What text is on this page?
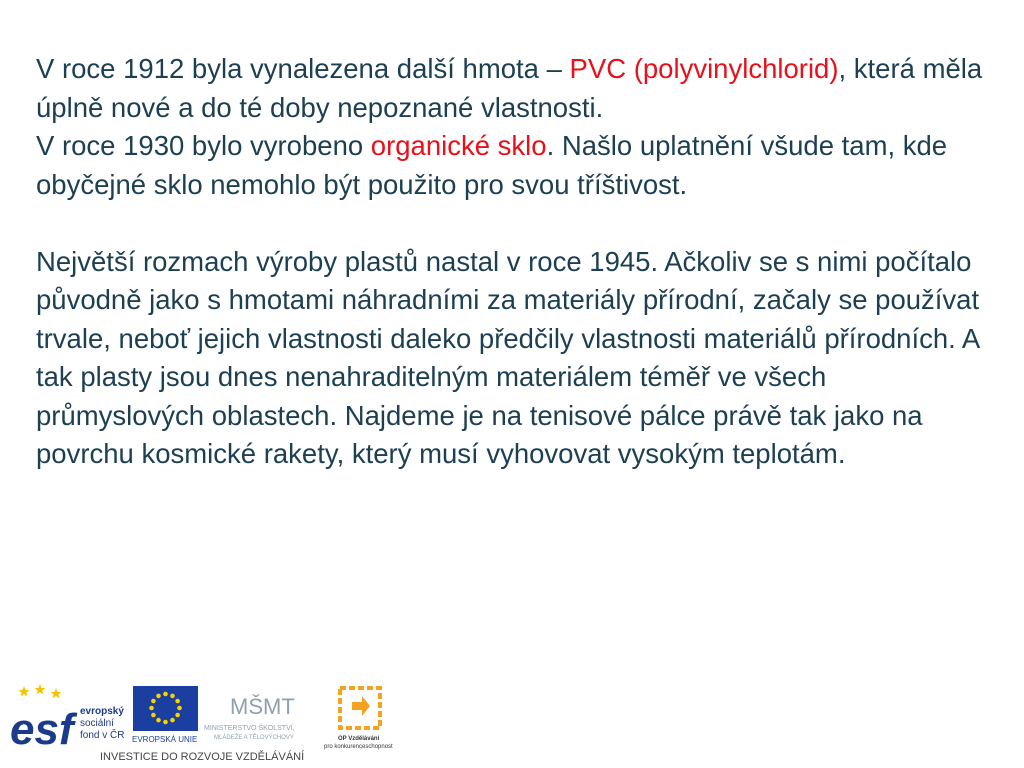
V roce 1912 byla vynalezena další hmota – PVC (polyvinylchlorid), která měla úplně nové a do té doby nepoznané vlastnosti.

V roce 1930 bylo vyrobeno organické sklo. Našlo uplatnění všude tam, kde obyčejné sklo nemohlo být použito pro svou tříštivost.

Největší rozmach výroby plastů nastal v roce 1945. Ačkoliv se s nimi počítalo původně jako s hmotami náhradními za materiály přírodní, začaly se používat trvale, neboť jejich vlastnosti daleko předčily vlastnosti materiálů přírodních. A tak plasty jsou dnes nenahraditelným materiálem téměř ve všech průmyslových oblastech. Najdeme je na tenisové pálce právě tak jako na povrchu kosmické rakety, který musí vyhovovat vysokým teplotám.

esf evropský
sociální
fond v ČR EVROPSKÁ UNIE
MŠMT
MINISTERSTVO ŠKOLSTVÍ,
MLÁDEŽE A TĚLOVÝCHOVY	OP Vzdělávání
pro konkurenceschopnost
INVESTICE DO ROZVOJE VZDĚLÁVÁNÍ
